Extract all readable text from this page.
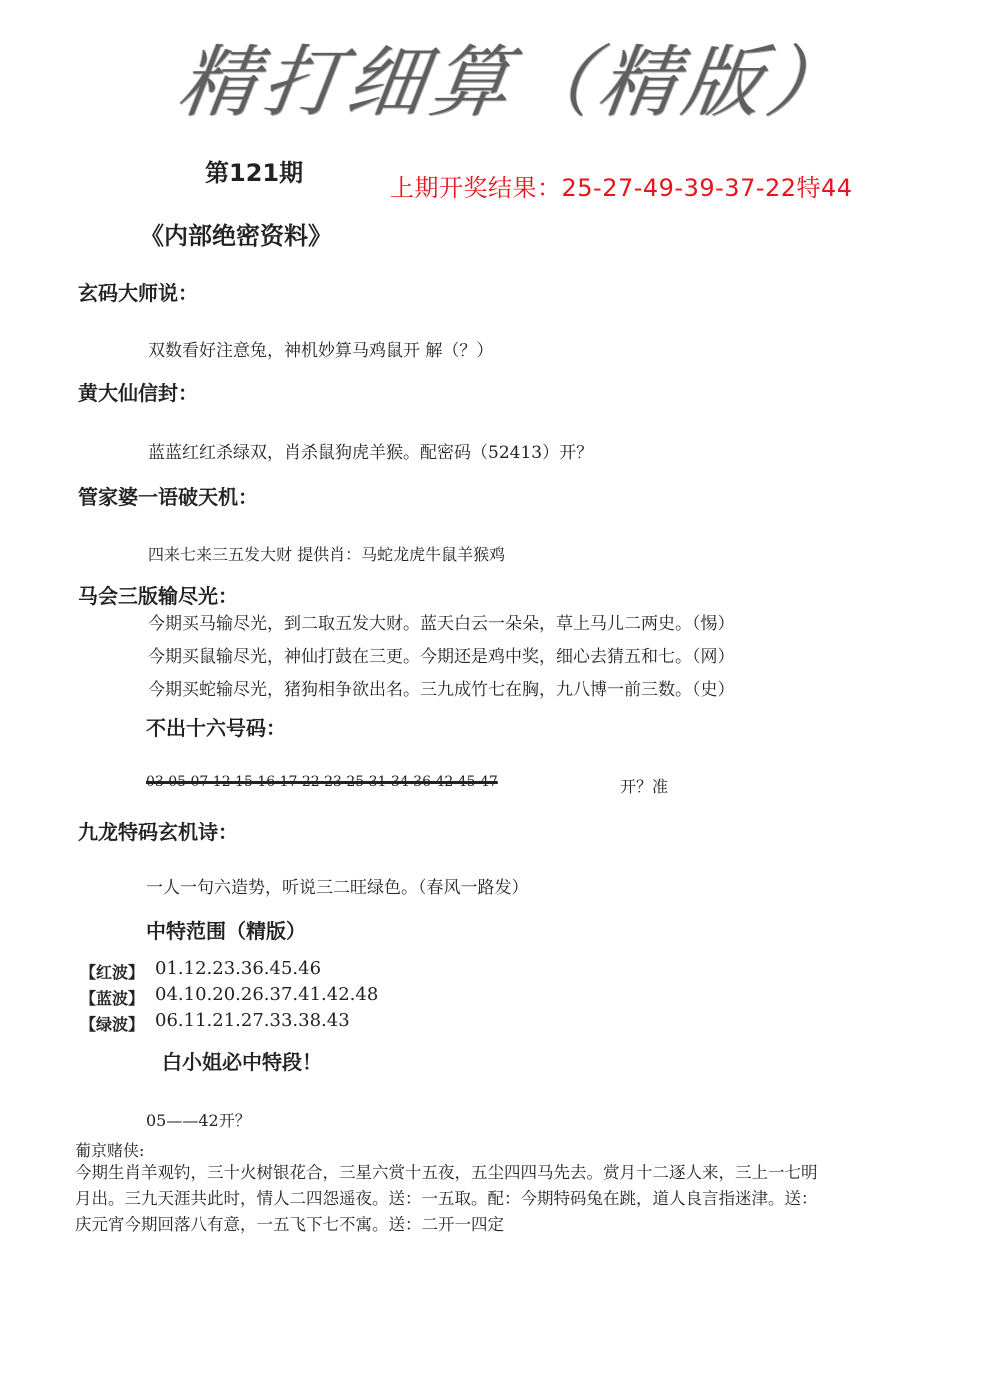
精打细算（精版）
第121期
上期开奖结果：25-27-49-39-37-22特44
《内部绝密资料》
玄码大师说：
双数看好注意兔，神机妙算马鸡鼠开 解（？）
黄大仙信封：
蓝蓝红红杀绿双，肖杀鼠狗虎羊猴。配密码（52413）开？
管家婆一语破天机：
四来七来三五发大财 提供肖：马蛇龙虎牛鼠羊猴鸡
马会三版输尽光：
今期买马输尽光，到二取五发大财。蓝天白云一朵朵，草上马儿二两史。（惕）
今期买鼠输尽光，神仙打鼓在三更。今期还是鸡中奖，细心去猜五和七。（网）
今期买蛇输尽光，猪狗相争欲出名。三九成竹七在胸，九八博一前三数。（史）
不出十六号码：
03 05 07 12 15 16 17 22 23 25 31 34 36 42 45 47	开？准
九龙特码玄机诗：
一人一句六造势，听说三二旺绿色。（春风一路发）
中特范围（精版）
【红波】 01.12.23.36.45.46
【蓝波】 04.10.20.26.37.41.42.48
【绿波】 06.11.21.27.33.38.43
白小姐必中特段！
05——42开？
葡京赌侠:
今期生肖羊观钓，三十火树银花合，三星六赏十五夜，五尘四四马先去。赏月十二逐人来，三上一七明
月出。三九天涯共此时，情人二四怨遥夜。送：一五取。配：今期特码兔在跳，道人良言指迷津。送：
庆元宵今期回落八有意，一五飞下七不寓。送：二开一四定
